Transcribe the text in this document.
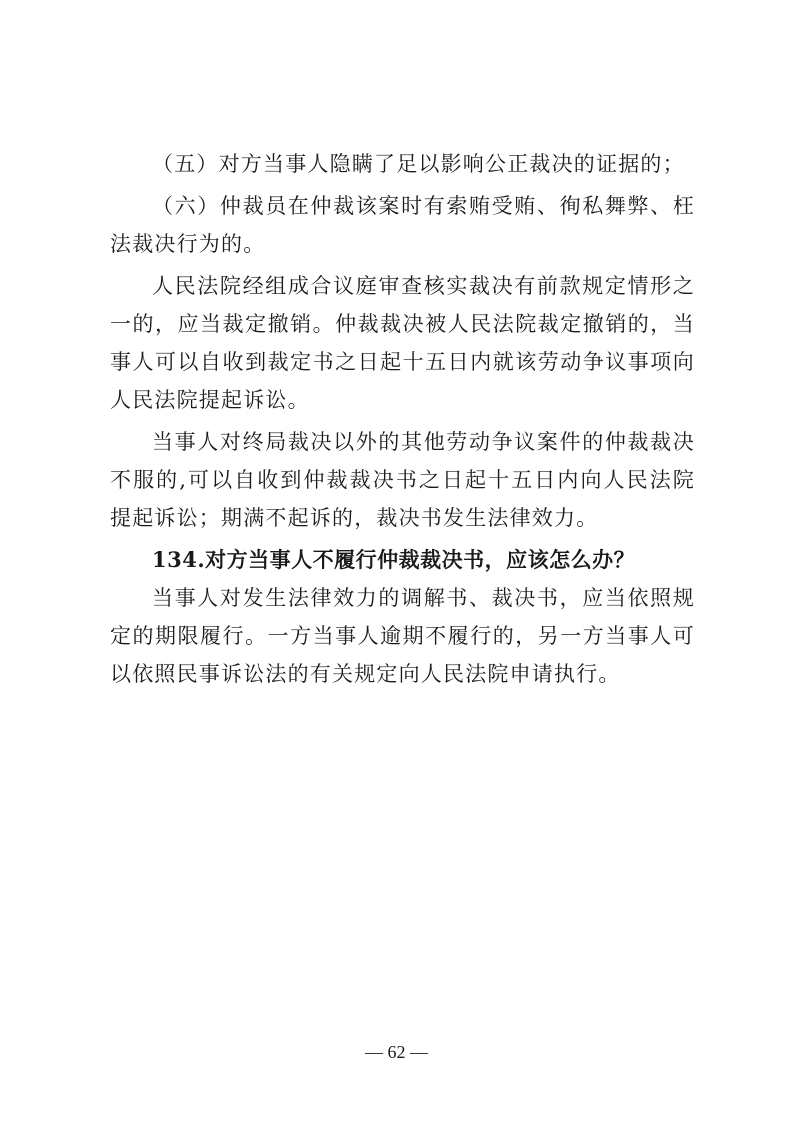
（五）对方当事人隐瞒了足以影响公正裁决的证据的；

（六）仲裁员在仲裁该案时有索贿受贿、徇私舞弊、枉法裁决行为的。

人民法院经组成合议庭审查核实裁决有前款规定情形之一的，应当裁定撤销。仲裁裁决被人民法院裁定撤销的，当事人可以自收到裁定书之日起十五日内就该劳动争议事项向人民法院提起诉讼。

当事人对终局裁决以外的其他劳动争议案件的仲裁裁决不服的,可以自收到仲裁裁决书之日起十五日内向人民法院提起诉讼；期满不起诉的，裁决书发生法律效力。

134.对方当事人不履行仲裁裁决书，应该怎么办？

当事人对发生法律效力的调解书、裁决书，应当依照规定的期限履行。一方当事人逾期不履行的，另一方当事人可以依照民事诉讼法的有关规定向人民法院申请执行。

— 62 —
